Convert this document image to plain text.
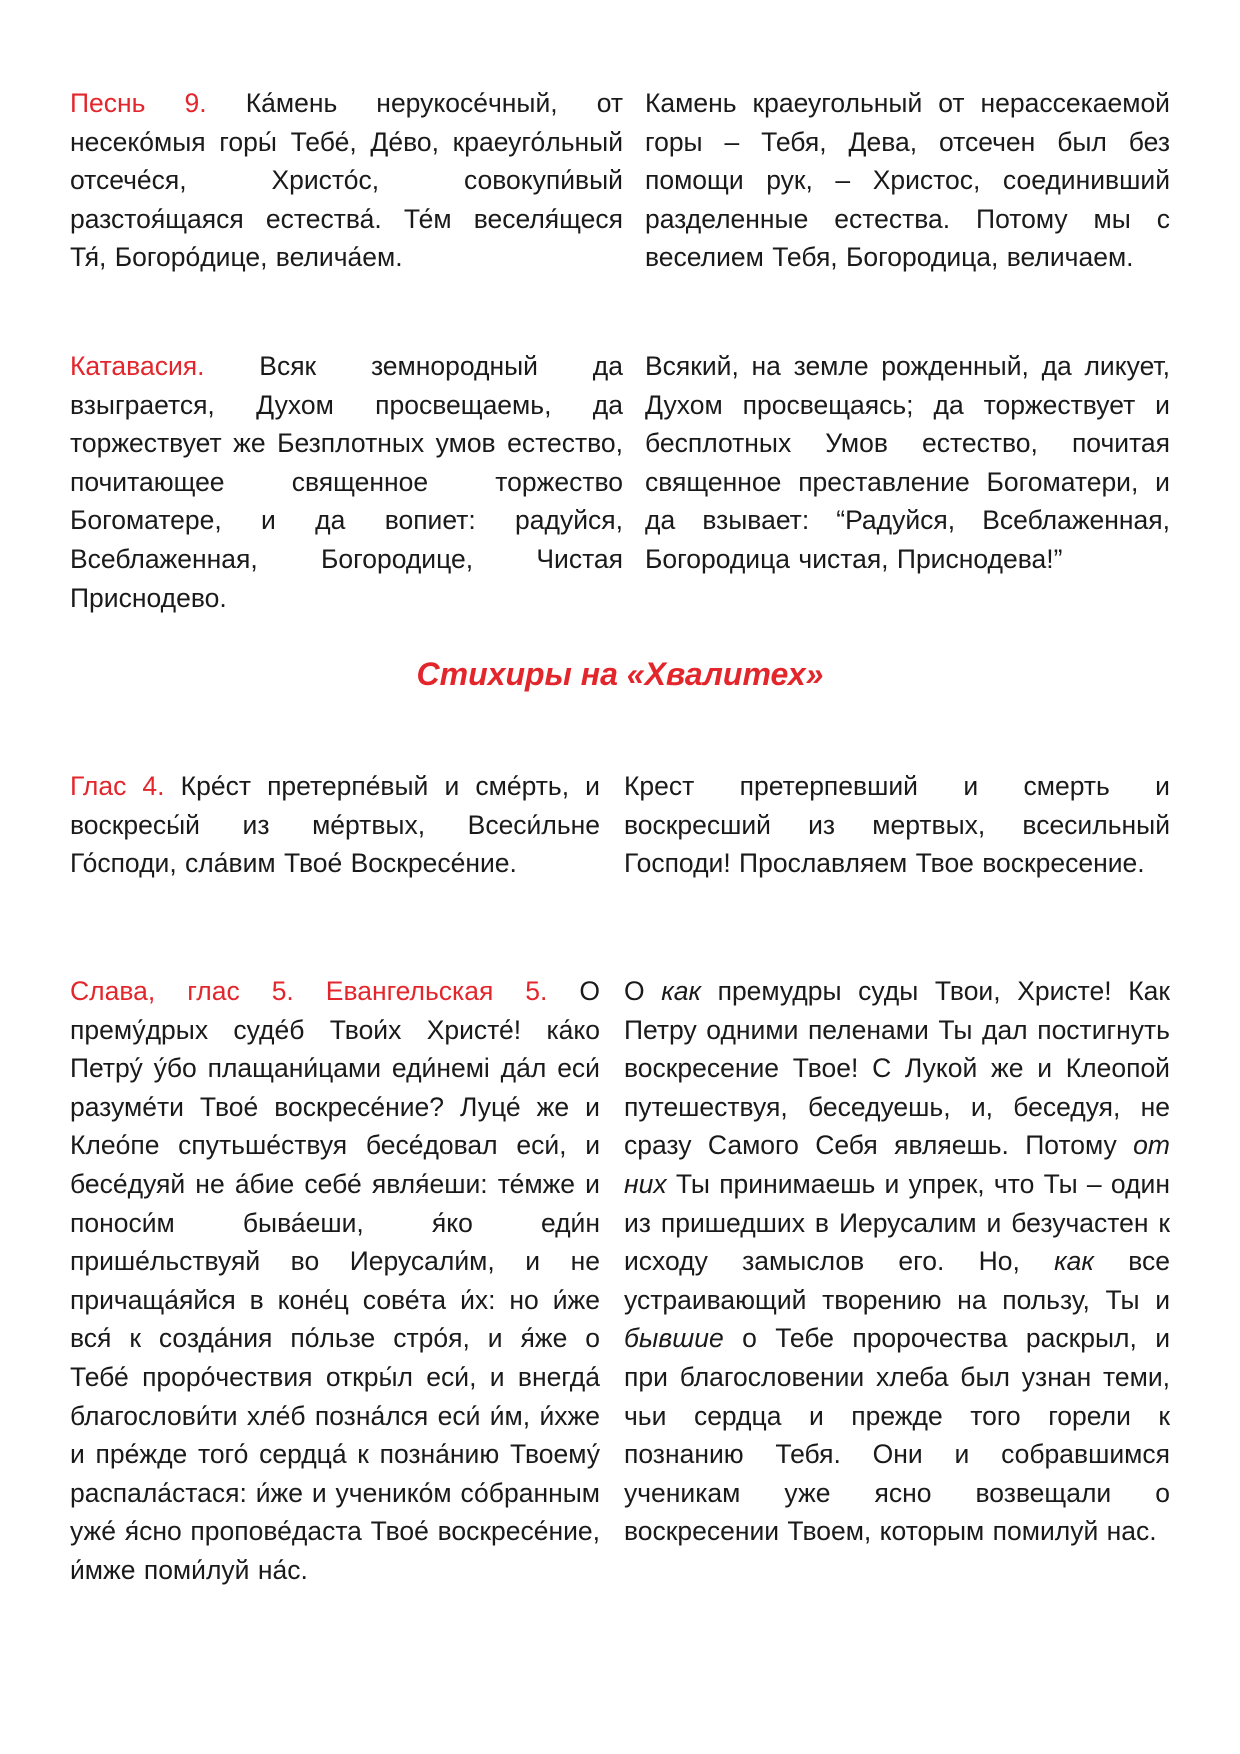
Песнь 9. Ка́мень нерукосе́чный, от несеко́мыя горы́ Тебе́, Де́во, краеуго́льный отсече́ся, Христо́с, совокупи́вый разстоя́щаяся естества́. Те́м веселя́щеся Тя́, Богоро́дице, велича́ем.
Камень краеугольный от нерассекаемой горы – Тебя, Дева, отсечен был без помощи рук, – Христос, соединивший разделенные естества. Потому мы с веселием Тебя, Богородица, величаем.
Катавасия. Всяк земнородный да взыграется, Духом просвещаемь, да торжествует же Безплотных умов естество, почитающее священное торжество Богоматере, и да вопиет: радуйся, Всеблаженная, Богородице, Чистая Приснодево.
Всякий, на земле рожденный, да ликует, Духом просвещаясь; да торжествует и бесплотных Умов естество, почитая священное преставление Богоматери, и да взывает: “Радуйся, Всеблаженная, Богородица чистая, Приснодева!”
Стихиры на «Хвалитех»
Глас 4. Кре́ст претерпе́вый и сме́рть, и воскресы́й из ме́ртвых, Всеси́льне Го́споди, сла́вим Твое́ Воскресе́ние.
Крест претерпевший и смерть и воскресший из мертвых, всесильный Господи! Прославляем Твое воскресение.
Слава, глас 5. Евангельская 5. О прему́дрых суде́б Твои́х Христе́! ка́ко Петру́ у́бо плащани́цами еди́немi да́л еси́ разуме́ти Твое́ воскресе́ние? Луце́ же и Клео́пе спутьше́ствуя бесе́довал еси́, и бесе́дуяй не а́бие себе́ явля́еши: те́мже и поноси́м быва́еши, я́ко еди́н прише́льствуяй во Иерусали́м, и не причаща́яйся в коне́ц сове́та и́х: но и́же вся́ к созда́ния по́льзе стро́я, и я́же о Тебе́ проро́чествия откры́л еси́, и внегда́ благослови́ти хле́б позна́лся еси́ и́м, и́хже и пре́жде того́ сердца́ к позна́нию Твоему́ распала́стася: и́же и ученико́м со́бранным уже́ я́сно пропове́даста Твое́ воскресе́ние, и́мже поми́луй на́с.
О как премудры суды Твои, Христе! Как Петру одними пеленами Ты дал постигнуть воскресение Твое! С Лукой же и Клеопой путешествуя, беседуешь, и, беседуя, не сразу Самого Себя являешь. Потому от них Ты принимаешь и упрек, что Ты – один из пришедших в Иерусалим и безучастен к исходу замыслов его. Но, как все устраивающий творению на пользу, Ты и бывшие о Тебе пророчества раскрыл, и при благословении хлеба был узнан теми, чьи сердца и прежде того горели к познанию Тебя. Они и собравшимся ученикам уже ясно возвещали о воскресении Твоем, которым помилуй нас.
